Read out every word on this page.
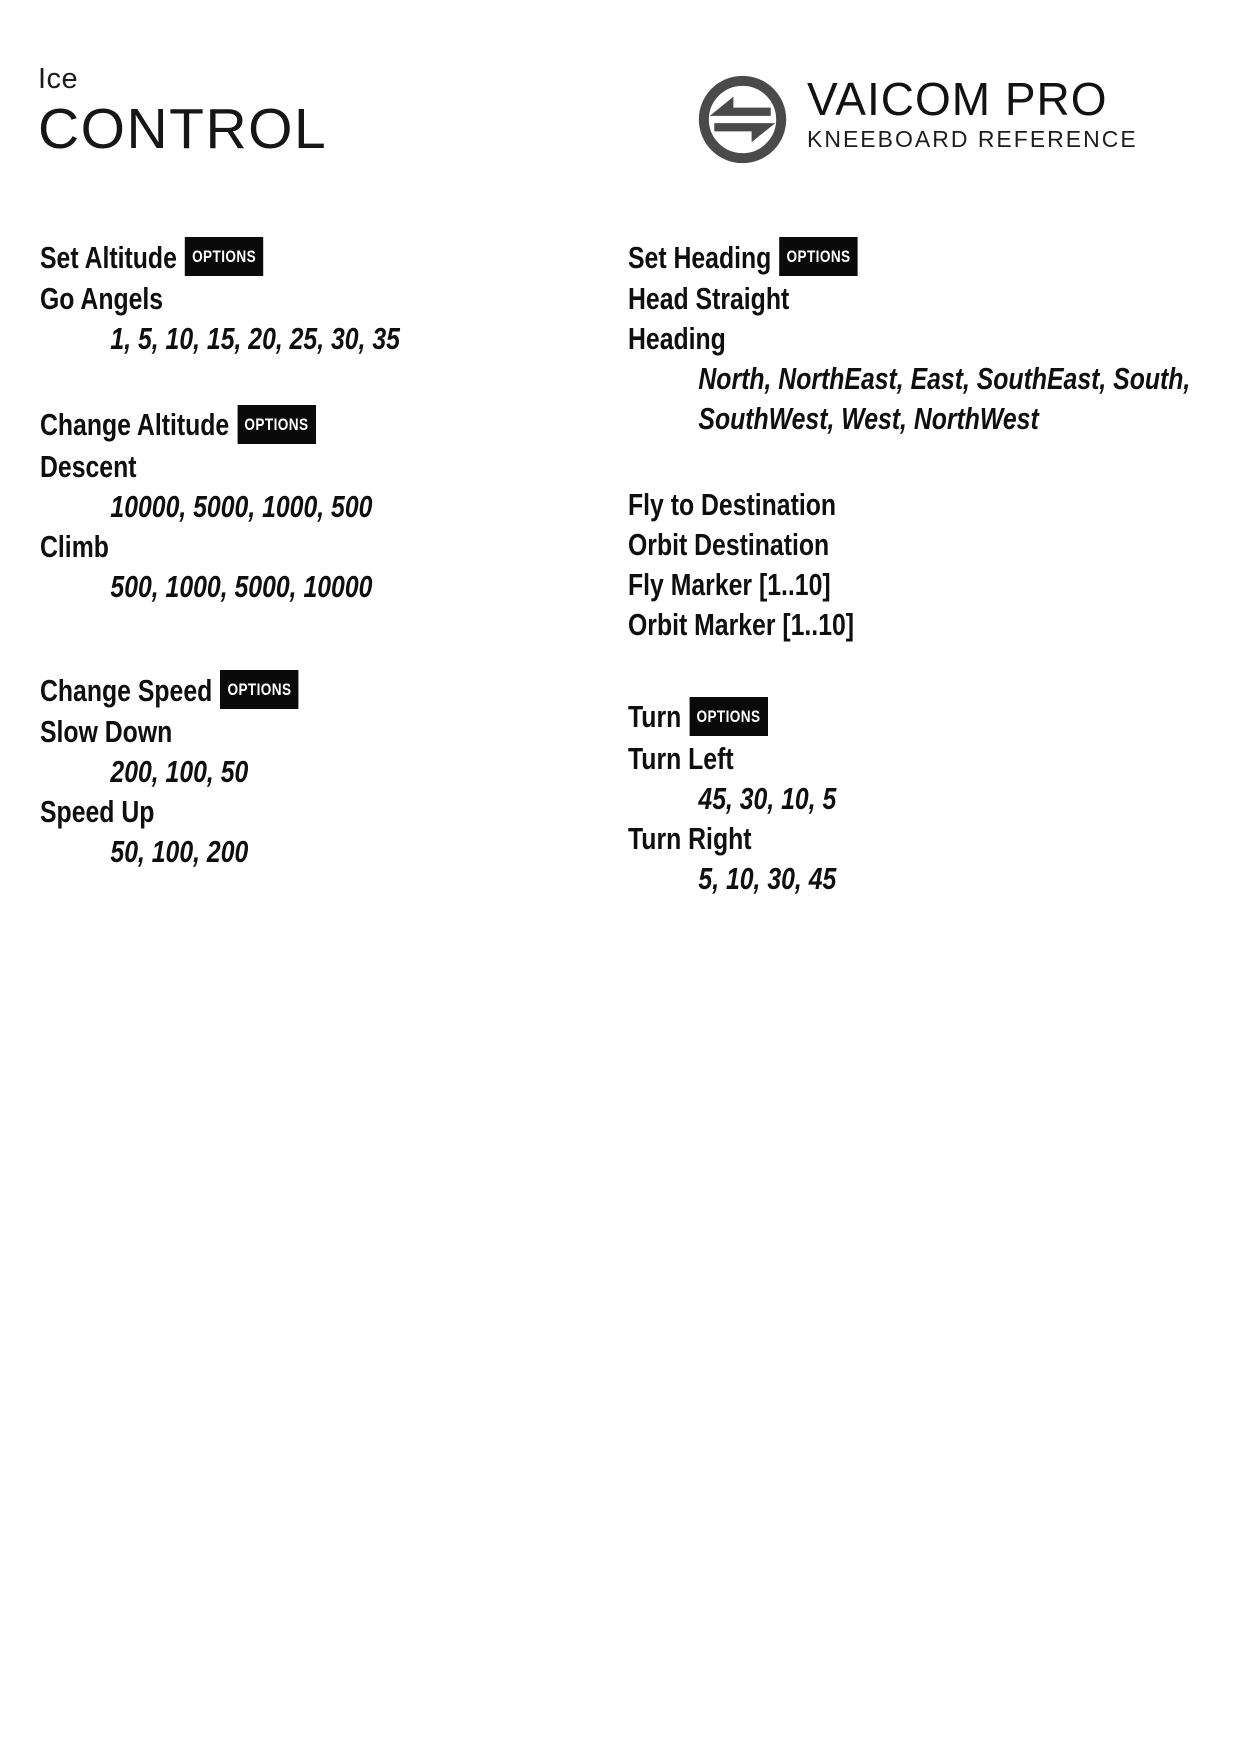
Ice
CONTROL	VAICOM PRO
KNEEBOARD REFERENCE
Set Altitude OPTIONS
Go Angels
1, 5, 10, 15, 20, 25, 30, 35
Change Altitude OPTIONS
Descent
10000, 5000, 1000, 500
Climb
500, 1000, 5000, 10000
Change Speed OPTIONS
Slow Down
200, 100, 50
Speed Up
50, 100, 200
Set Heading OPTIONS
Head Straight
Heading
North, NorthEast, East, SouthEast, South, SouthWest, West, NorthWest
Fly to Destination
Orbit Destination
Fly Marker [1..10]
Orbit Marker [1..10]
Turn OPTIONS
Turn Left
45, 30, 10, 5
Turn Right
5, 10, 30, 45
